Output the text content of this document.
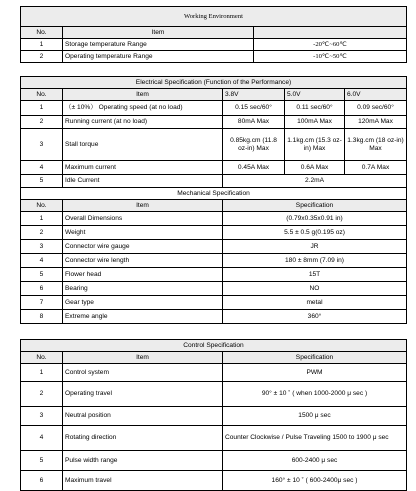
Working Environment		
No.	Item	
1	Storage temperature Range	-20℃~60℃
2	Operating temperature Range	-10℃~50℃
Electrical Specification (Function of the Performance)				
No.	Item	3.8V	5.0V	6.0V
1	（± 10%） Operating speed (at no load)	0.15 sec/60°	0.11 sec/60°	0.09 sec/60°
2	Running current (at no load)	80mA Max	100mA Max	120mA Max
3	Stall torque	0.85kg.cm (11.8 oz-in) Max	1.1kg.cm (15.3 oz-in) Max	1.3kg.cm (18 oz-in) Max
4	Maximum current	0.45A Max	0.6A Max	0.7A Max
5	Idle Current	2.2mA		
Mechanical Specification		
No.	Item	Specification
1	Overall Dimensions	(0.79x0.35x0.91 in)
2	Weight	5.5 ± 0.5 g(0.195 oz)
3	Connector wire gauge	JR
4	Connector wire length	180 ± 8mm (7.09 in)
5	Flower head	15T
6	Bearing	NO
7	Gear type	metal
8	Extreme angle	360°
Control Specification		
No.	Item	Specification
1	Control system	PWM
2	Operating travel	90° ± 10 ˚ ( when 1000-2000 μ sec )
3	Neutral position	1500 μ sec
4	Rotating direction	Counter Clockwise / Pulse Traveling 1500 to 1900 μ sec
5	Pulse width range	600-2400 μ sec
6	Maximum travel	160° ± 10 ˚ ( 600-2400μ sec )
